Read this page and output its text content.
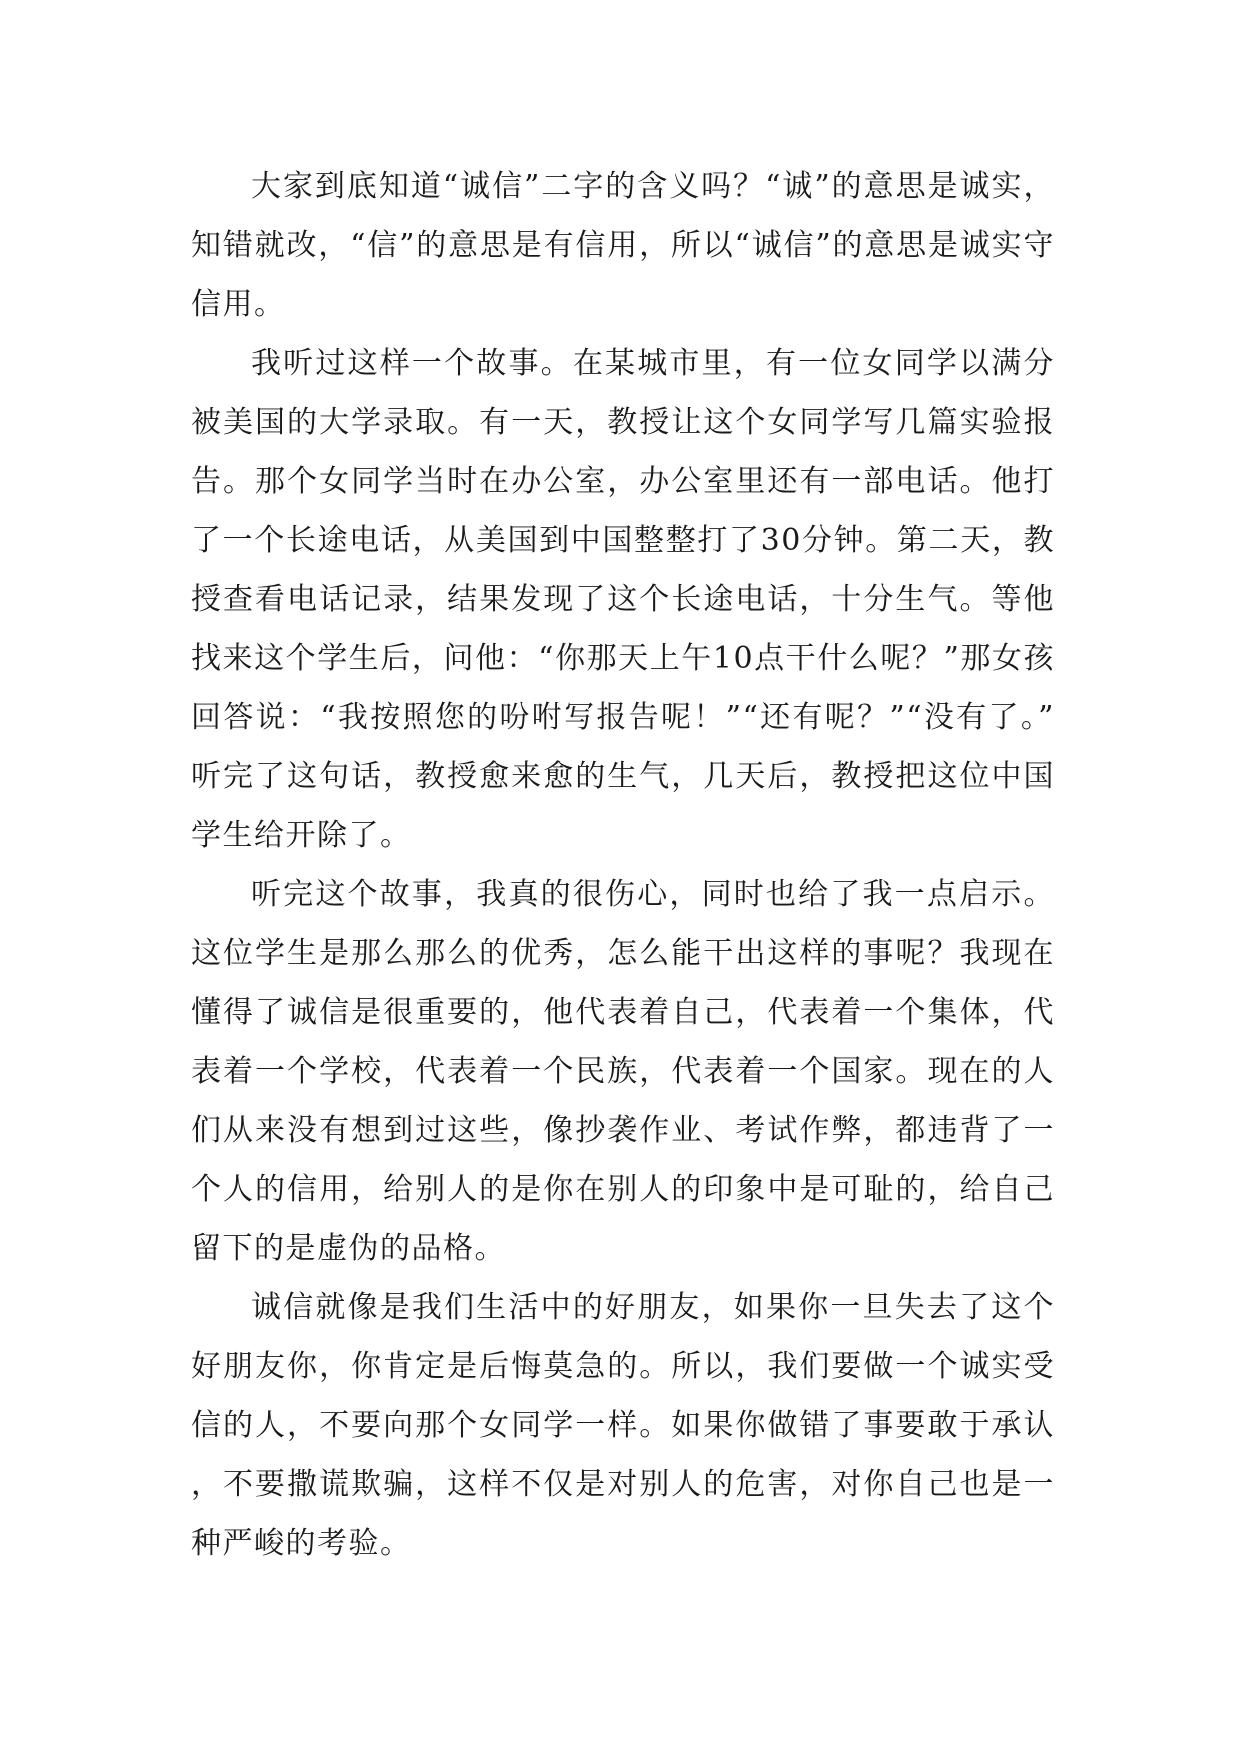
大家到底知道“诚信”二字的含义吗？“诚”的意思是诚实，知错就改，“信”的意思是有信用，所以“诚信”的意思是诚实守信用。

我听过这样一个故事。在某城市里，有一位女同学以满分被美国的大学录取。有一天，教授让这个女同学写几篇实验报告。那个女同学当时在办公室，办公室里还有一部电话。他打了一个长途电话，从美国到中国整整打了30分钟。第二天，教授查看电话记录，结果发现了这个长途电话，十分生气。等他找来这个学生后，问他：“你那天上午10点干什么呢？”那女孩回答说：“我按照您的吩咐写报告呢！”“还有呢？”“没有了。”听完了这句话，教授愈来愈的生气，几天后，教授把这位中国学生给开除了。

听完这个故事，我真的很伤心，同时也给了我一点启示。这位学生是那么那么的优秀，怎么能干出这样的事呢？我现在懂得了诚信是很重要的，他代表着自己，代表着一个集体，代表着一个学校，代表着一个民族，代表着一个国家。现在的人们从来没有想到过这些，像抄袭作业、考试作弊，都违背了一个人的信用，给别人的是你在别人的印象中是可耻的，给自己留下的是虚伪的品格。

诚信就像是我们生活中的好朋友，如果你一旦失去了这个好朋友你，你肯定是后悔莫急的。所以，我们要做一个诚实受信的人，不要向那个女同学一样。如果你做错了事要敢于承认，不要撒谎欺骗，这样不仅是对别人的危害，对你自己也是一种严峻的考验。
